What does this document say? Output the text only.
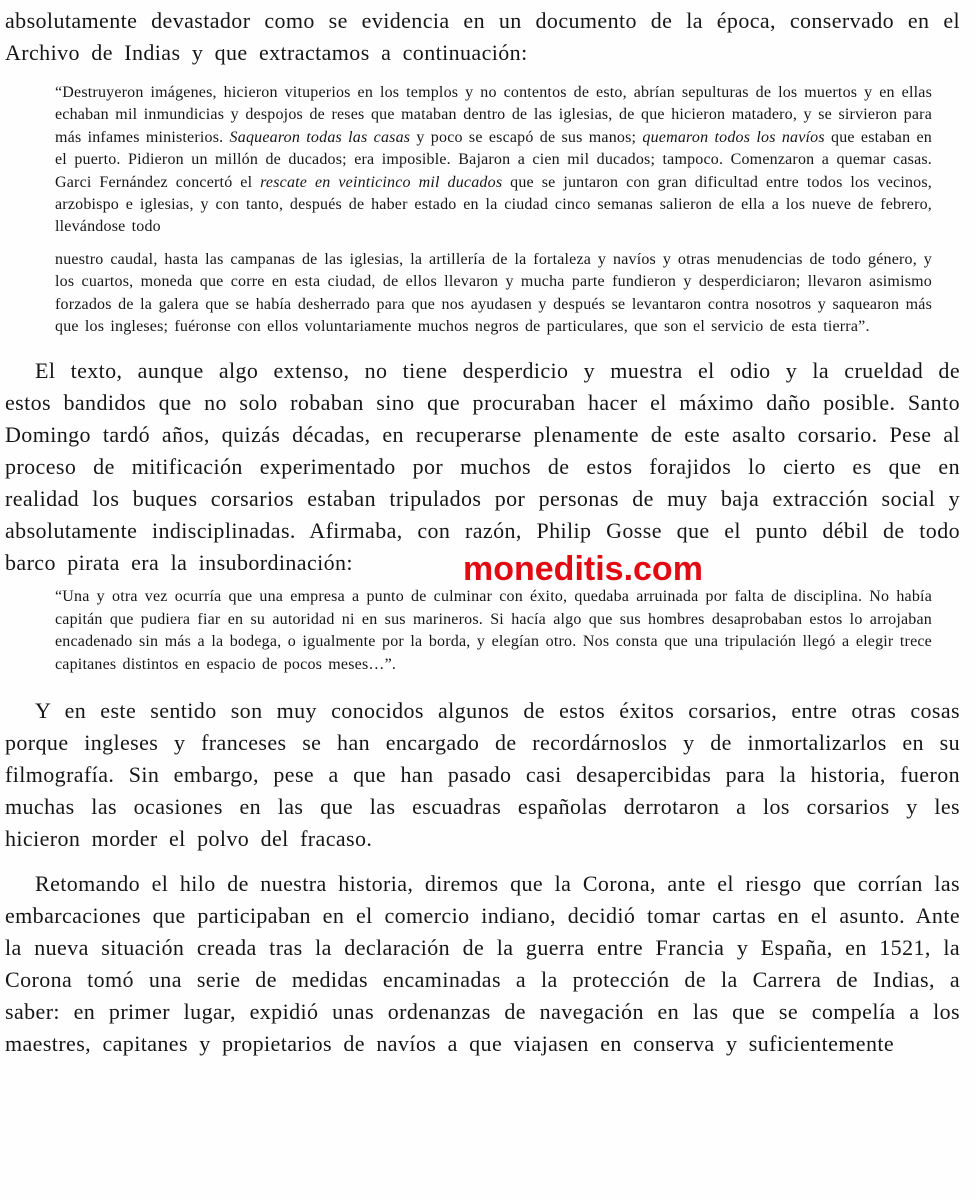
absolutamente devastador como se evidencia en un documento de la época, conservado en el Archivo de Indias y que extractamos a continuación:

“Destruyeron imágenes, hicieron vituperios en los templos y no contentos de esto, abrían sepulturas de los muertos y en ellas echaban mil inmundicias y despojos de reses que mataban dentro de las iglesias, de que hicieron matadero, y se sirvieron para más infames ministerios. Saquearon todas las casas y poco se escapó de sus manos; quemaron todos los navíos que estaban en el puerto. Pidieron un millón de ducados; era imposible. Bajaron a cien mil ducados; tampoco. Comenzaron a quemar casas. Garci Fernández concertó el rescate en veinticinco mil ducados que se juntaron con gran dificultad entre todos los vecinos, arzobispo e iglesias, y con tanto, después de haber estado en la ciudad cinco semanas salieron de ella a los nueve de febrero, llevándose todo
nuestro caudal, hasta las campanas de las iglesias, la artillería de la fortaleza y navíos y otras menudencias de todo género, y los cuartos, moneda que corre en esta ciudad, de ellos llevaron y mucha parte fundieron y desperdiciaron; llevaron asimismo forzados de la galera que se había desherrado para que nos ayudasen y después se levantaron contra nosotros y saquearon más que los ingleses; fuéronse con ellos voluntariamente muchos negros de particulares, que son el servicio de esta tierra”.

El texto, aunque algo extenso, no tiene desperdicio y muestra el odio y la crueldad de estos bandidos que no solo robaban sino que procuraban hacer el máximo daño posible. Santo Domingo tardó años, quizás décadas, en recuperarse plenamente de este asalto corsario. Pese al proceso de mitificación experimentado por muchos de estos forajidos lo cierto es que en realidad los buques corsarios estaban tripulados por personas de muy baja extracción social y absolutamente indisciplinadas. Afirmaba, con razón, Philip Gosse que el punto débil de todo barco pirata era la insubordinación:	moneditis.com

“Una y otra vez ocurría que una empresa a punto de culminar con éxito, quedaba arruinada por falta de disciplina. No había capitán que pudiera fiar en su autoridad ni en sus marineros. Si hacía algo que sus hombres desaprobaban estos lo arrojaban encadenado sin más a la bodega, o igualmente por la borda, y elegían otro. Nos consta que una tripulación llegó a elegir trece capitanes distintos en espacio de pocos meses…”.

Y en este sentido son muy conocidos algunos de estos éxitos corsarios, entre otras cosas porque ingleses y franceses se han encargado de recordárnoslos y de inmortalizarlos en su filmografía. Sin embargo, pese a que han pasado casi desapercibidas para la historia, fueron muchas las ocasiones en las que las escuadras españolas derrotaron a los corsarios y les hicieron morder el polvo del fracaso.

Retomando el hilo de nuestra historia, diremos que la Corona, ante el riesgo que corrían las embarcaciones que participaban en el comercio indiano, decidió tomar cartas en el asunto. Ante la nueva situación creada tras la declaración de la guerra entre Francia y España, en 1521, la Corona tomó una serie de medidas encaminadas a la protección de la Carrera de Indias, a saber: en primer lugar, expidió unas ordenanzas de navegación en las que se compelía a los maestres, capitanes y propietarios de navíos a que viajasen en conserva y suficientemente
